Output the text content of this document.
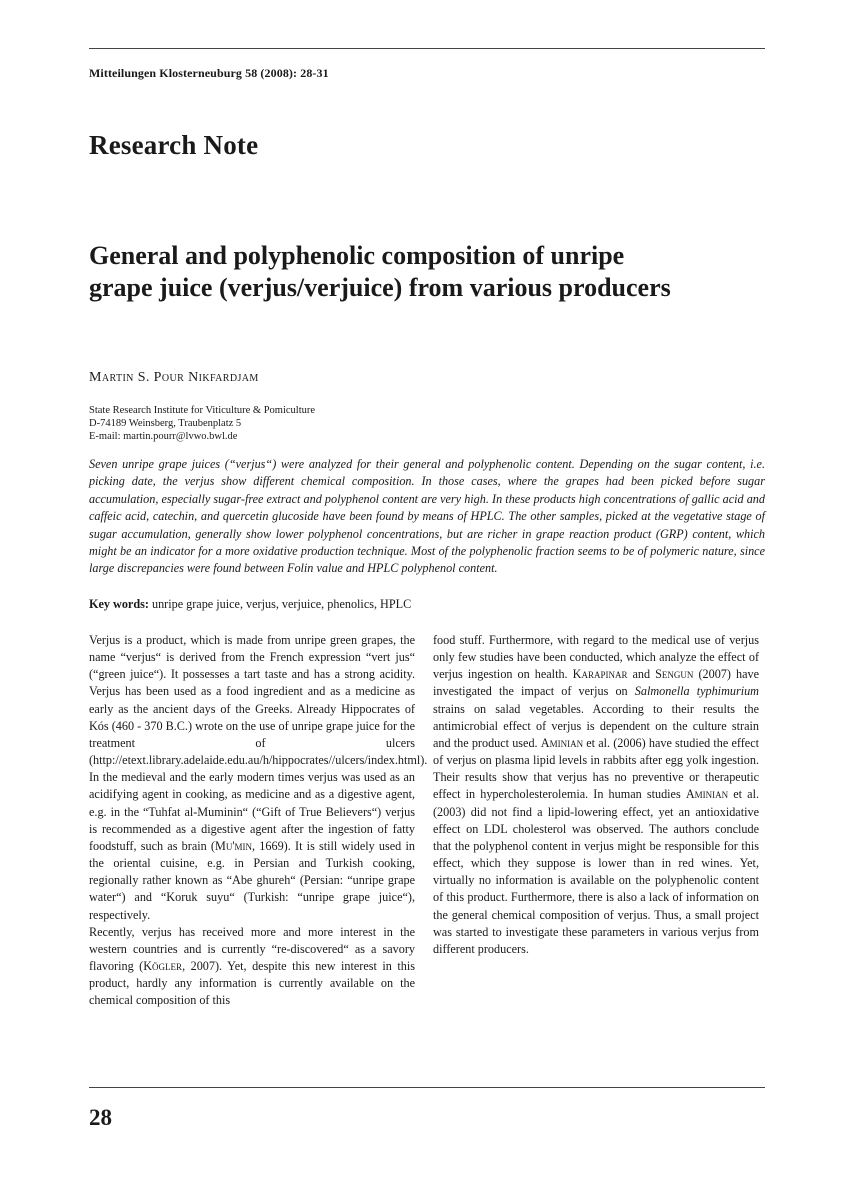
Mitteilungen Klosterneuburg 58 (2008): 28-31
Research Note
General and polyphenolic composition of unripe
grape juice (verjus/verjuice) from various producers
Martin S. Pour Nikfardjam
State Research Institute for Viticulture & Pomiculture
D-74189 Weinsberg, Traubenplatz 5
E-mail: martin.pourr@lvwo.bwl.de

Seven unripe grape juices (“verjus“) were analyzed for their general and polyphenolic content. Depending on the sugar content, i.e. picking date, the verjus show different chemical composition. In those cases, where the grapes had been picked before sugar accumulation, especially sugar-free extract and polyphenol content are very high. In these products high concentrations of gallic acid and caffeic acid, catechin, and quercetin glucoside have been found by means of HPLC. The other samples, picked at the vegetative stage of sugar accumulation, generally show lower polyphenol concentrations, but are richer in grape reaction product (GRP) content, which might be an indicator for a more oxidative production technique. Most of the polyphenolic fraction seems to be of polymeric nature, since large discrepancies were found between Folin value and HPLC polyphenol content.

Key words: unripe grape juice, verjus, verjuice, phenolics, HPLC

Verjus is a product, which is made from unripe green grapes, the name “verjus“ is derived from the French expression “vert jus“ (“green juice“). It possesses a tart taste and has a strong acidity. Verjus has been used as a food ingredient and as a medicine as early as the ancient days of the Greeks. Already Hippocrates of Kós (460 - 370 B.C.) wrote on the use of unripe grape juice for the treatment of ulcers (http://etext.library.adelaide.edu.au/h/hippocrates//ulcers/index.html). In the medieval and the early modern times verjus was used as an acidifying agent in cooking, as medicine and as a digestive agent, e.g. in the “Tuhfat al-Muminin“ (“Gift of True Believers“) verjus is recommended as a digestive agent after the ingestion of fatty foodstuff, such as brain (Mu'min, 1669). It is still widely used in the oriental cuisine, e.g. in Persian and Turkish cooking, regionally rather known as “Abe ghureh“ (Persian: “unripe grape water“) and “Koruk suyu“ (Turkish: “unripe grape juice“), respectively.

Recently, verjus has received more and more interest in the western countries and is currently “re-discovered“ as a savory flavoring (Kögler, 2007). Yet, despite this new interest in this product, hardly any information is currently available on the chemical composition of this

food stuff. Furthermore, with regard to the medical use of verjus only few studies have been conducted, which analyze the effect of verjus ingestion on health. Karapinar and Sengun (2007) have investigated the impact of verjus on Salmonella typhimurium strains on salad vegetables. According to their results the antimicrobial effect of verjus is dependent on the culture strain and the product used. Aminian et al. (2006) have studied the effect of verjus on plasma lipid levels in rabbits after egg yolk ingestion. Their results show that verjus has no preventive or therapeutic effect in hypercholesterolemia. In human studies Aminian et al. (2003) did not find a lipid-lowering effect, yet an antioxidative effect on LDL cholesterol was observed. The authors conclude that the polyphenol content in verjus might be responsible for this effect, which they suppose is lower than in red wines. Yet, virtually no information is available on the polyphenolic content of this product. Furthermore, there is also a lack of information on the general chemical composition of verjus. Thus, a small project was started to investigate these parameters in various verjus from different producers.

28
